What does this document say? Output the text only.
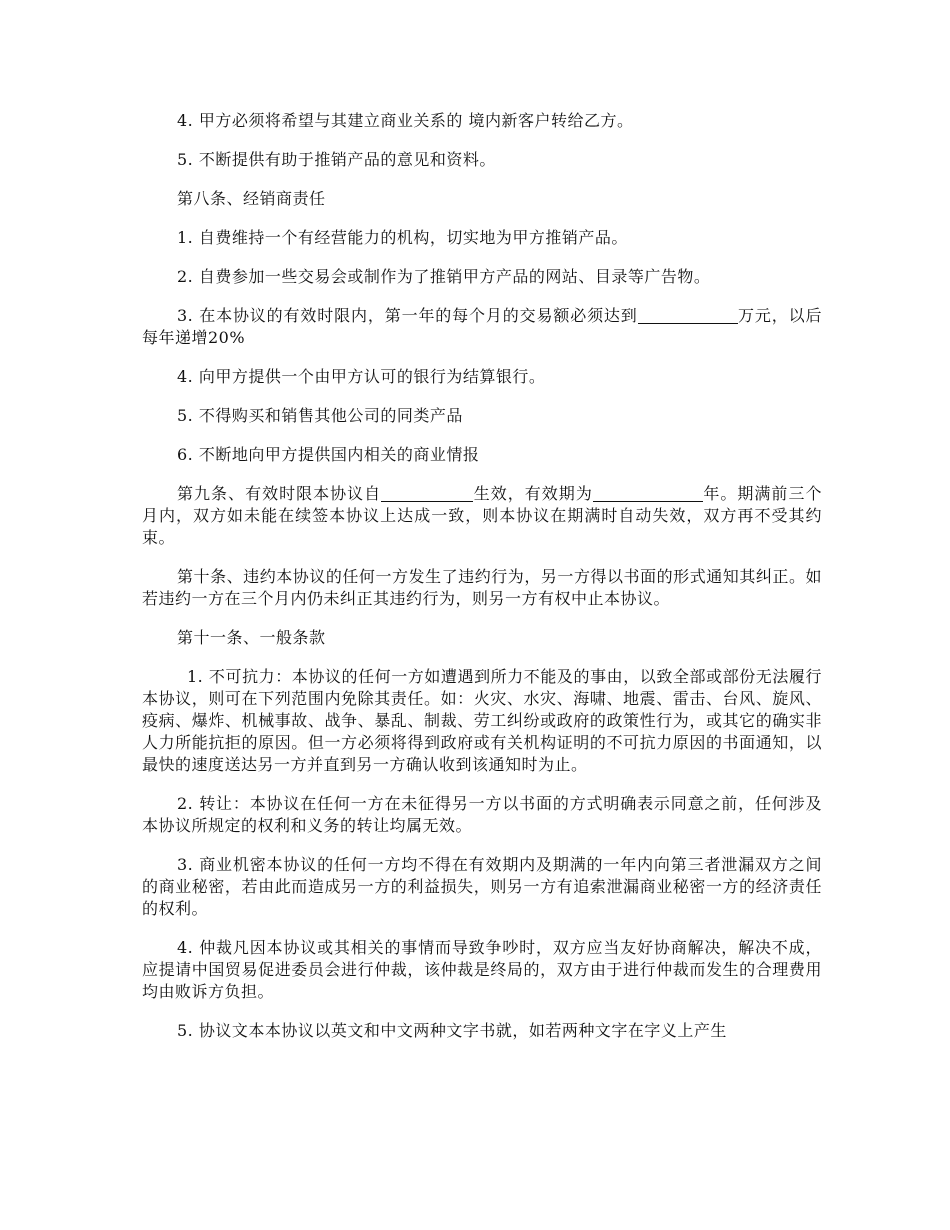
4. 甲方必须将希望与其建立商业关系的 境内新客户转给乙方。

5. 不断提供有助于推销产品的意见和资料。

第八条、经销商责任

1. 自费维持一个有经营能力的机构，切实地为甲方推销产品。

2. 自费参加一些交易会或制作为了推销甲方产品的网站、目录等广告物。

3. 在本协议的有效时限内，第一年的每个月的交易额必须达到	万元，以后每年递增20%

4. 向甲方提供一个由甲方认可的银行为结算银行。

5. 不得购买和销售其他公司的同类产品

6. 不断地向甲方提供国内相关的商业情报

第九条、有效时限本协议自	生效，有效期为	年。期满前三个月内，双方如未能在续签本协议上达成一致，则本协议在期满时自动失效，双方再不受其约束。

第十条、违约本协议的任何一方发生了违约行为，另一方得以书面的形式通知其纠正。如若违约一方在三个月内仍未纠正其违约行为，则另一方有权中止本协议。

第十一条、一般条款

1. 不可抗力：本协议的任何一方如遭遇到所力不能及的事由，以致全部或部份无法履行本协议，则可在下列范围内免除其责任。如：火灾、水灾、海啸、地震、雷击、台风、旋风、疫病、爆炸、机械事故、战争、暴乱、制裁、劳工纠纷或政府的政策性行为，或其它的确实非人力所能抗拒的原因。但一方必须将得到政府或有关机构证明的不可抗力原因的书面通知，以最快的速度送达另一方并直到另一方确认收到该通知时为止。

2. 转让：本协议在任何一方在未征得另一方以书面的方式明确表示同意之前，任何涉及本协议所规定的权利和义务的转让均属无效。

3. 商业机密本协议的任何一方均不得在有效期内及期满的一年内向第三者泄漏双方之间的商业秘密，若由此而造成另一方的利益损失，则另一方有追索泄漏商业秘密一方的经济责任的权利。

4. 仲裁凡因本协议或其相关的事情而导致争吵时，双方应当友好协商解决，解决不成，应提请中国贸易促进委员会进行仲裁，该仲裁是终局的，双方由于进行仲裁而发生的合理费用均由败诉方负担。

5. 协议文本本协议以英文和中文两种文字书就，如若两种文字在字义上产生
